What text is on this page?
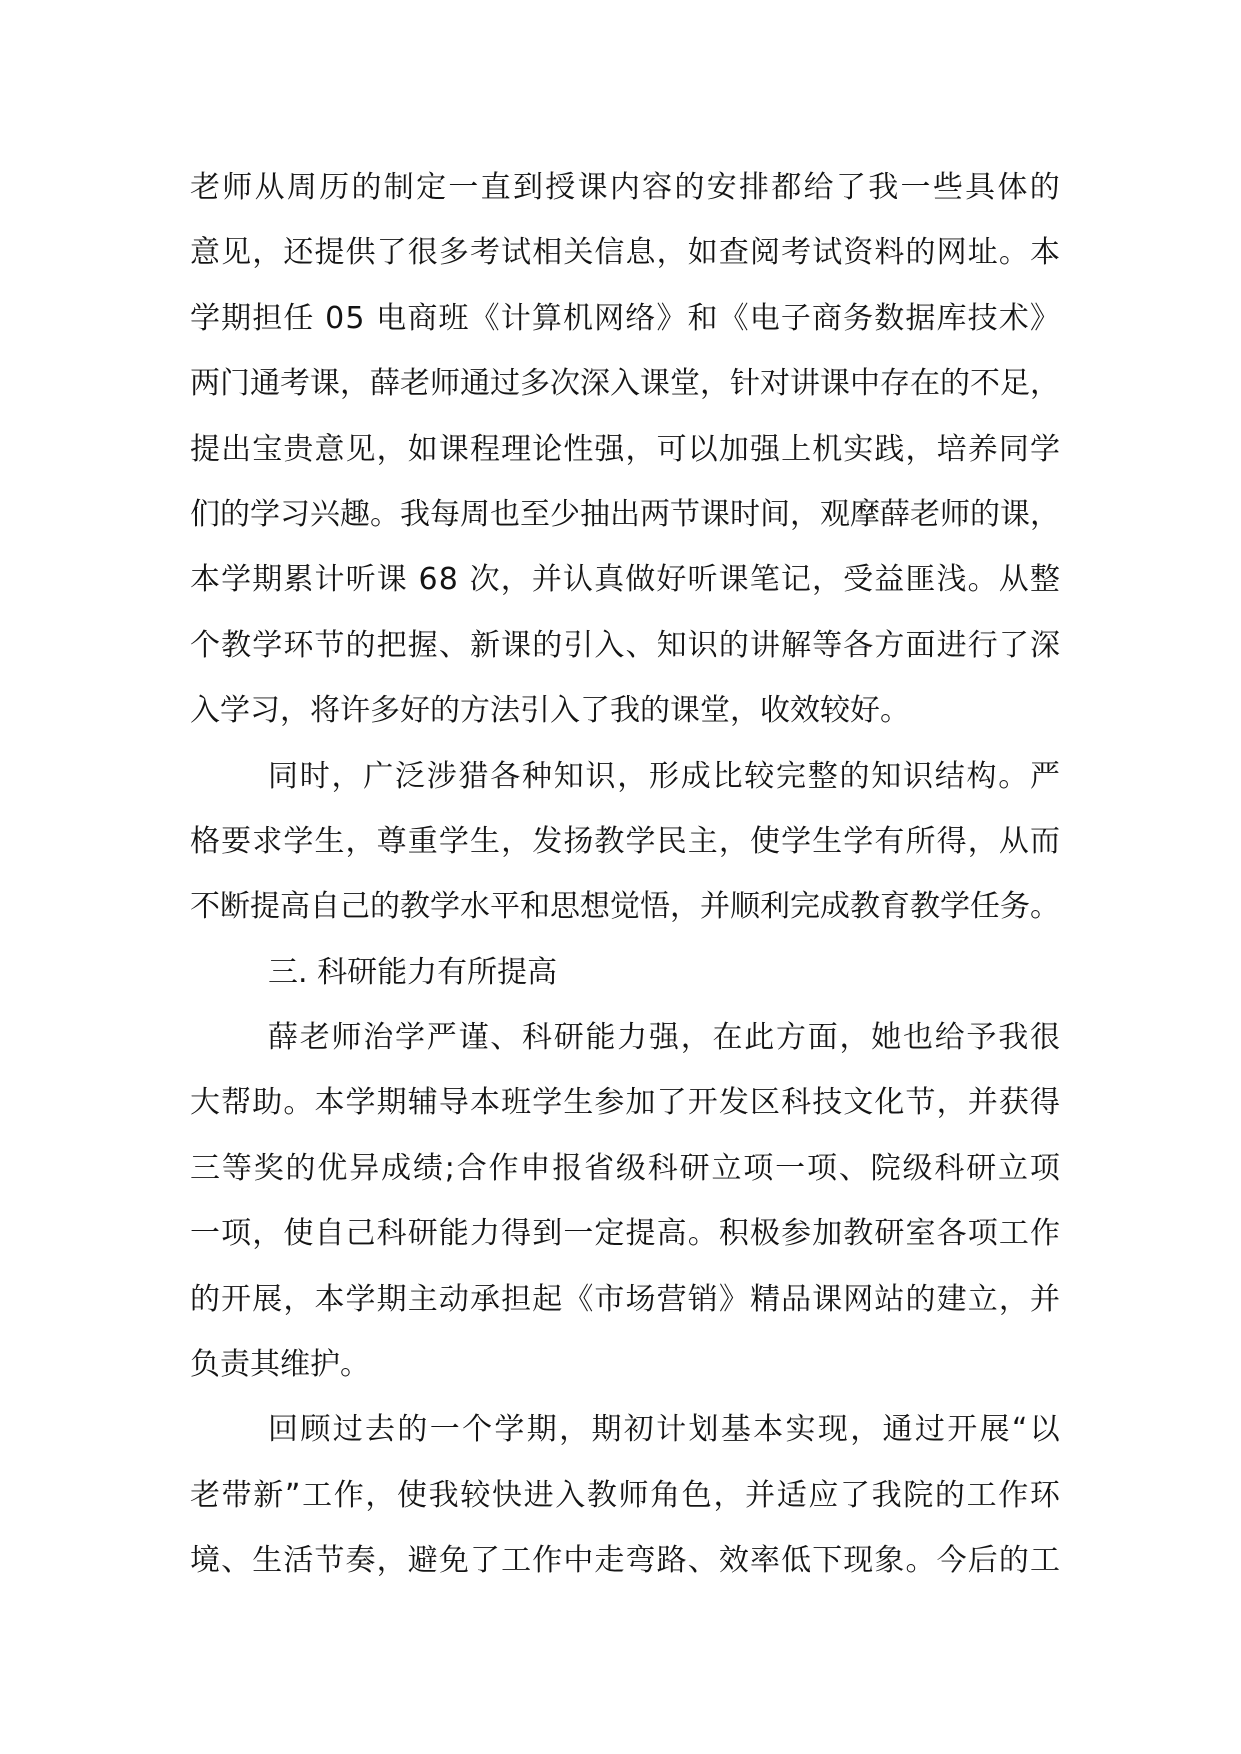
老 师 从 周 历 的 制 定 一 直 到 授 课 内 容 的 安 排 都 给 了 我 一 些 具 体 的
意 见 ， 还 提 供 了 很 多 考 试 相 关 信 息 ， 如 查 阅 考 试 资 料 的 网 址 。 本
学 期 担 任
0 5
电 商 班 《 计 算 机 网 络 》 和 《 电 子 商 务 数 据 库 技 术 》
两 门 通 考 课 ， 薛 老 师 通 过 多 次 深 入 课 堂 ， 针 对 讲 课 中 存 在 的 不 足 ，
提 出 宝 贵 意 见 ， 如 课 程 理 论 性 强 ， 可 以 加 强 上 机 实 践 ， 培 养 同 学
们 的 学 习 兴 趣 。 我 每 周 也 至 少 抽 出 两 节 课 时 间 ， 观 摩 薛 老 师 的 课 ，
本 学 期 累 计 听 课
6 8
次 ， 并 认 真 做 好 听 课 笔 记 ， 受 益 匪 浅 。 从 整
个 教 学 环 节 的 把 握 、 新 课 的 引 入 、 知 识 的 讲 解 等 各 方 面 进 行 了 深
入学习，将许多好的方法引入了我的课堂，收效较好。
同 时 ， 广 泛 涉 猎 各 种 知 识 ， 形 成 比 较 完 整 的 知 识 结 构 。 严
格 要 求 学 生 ， 尊 重 学 生 ， 发 扬 教 学 民 主 ， 使 学 生 学 有 所 得 ， 从 而
不 断 提 高 自 己 的 教 学 水 平 和 思 想 觉 悟 ， 并 顺 利 完 成 教 育 教 学 任 务 。
三. 科研能力有所提高
薛 老 师 治 学 严 谨 、 科 研 能 力 强 ， 在 此 方 面 ， 她 也 给 予 我 很
大 帮 助 。 本 学 期 辅 导 本 班 学 生 参 加 了 开 发 区 科 技 文 化 节 ， 并 获 得
三 等 奖 的 优 异 成 绩 ; 合 作 申 报 省 级 科 研 立 项 一 项 、 院 级 科 研 立 项
一 项 ， 使 自 己 科 研 能 力 得 到 一 定 提 高 。 积 极 参 加 教 研 室 各 项 工 作
的 开 展 ， 本 学 期 主 动 承 担 起 《 市 场 营 销 》 精 品 课 网 站 的 建 立 ， 并
负责其维护。
回 顾 过 去 的 一 个 学 期 ， 期 初 计 划 基 本 实 现 ， 通 过 开 展 “ 以
老 带 新 ” 工 作 ， 使 我 较 快 进 入 教 师 角 色 ， 并 适 应 了 我 院 的 工 作 环
境 、 生 活 节 奏 ， 避 免 了 工 作 中 走 弯 路 、 效 率 低 下 现 象 。 今 后 的 工
